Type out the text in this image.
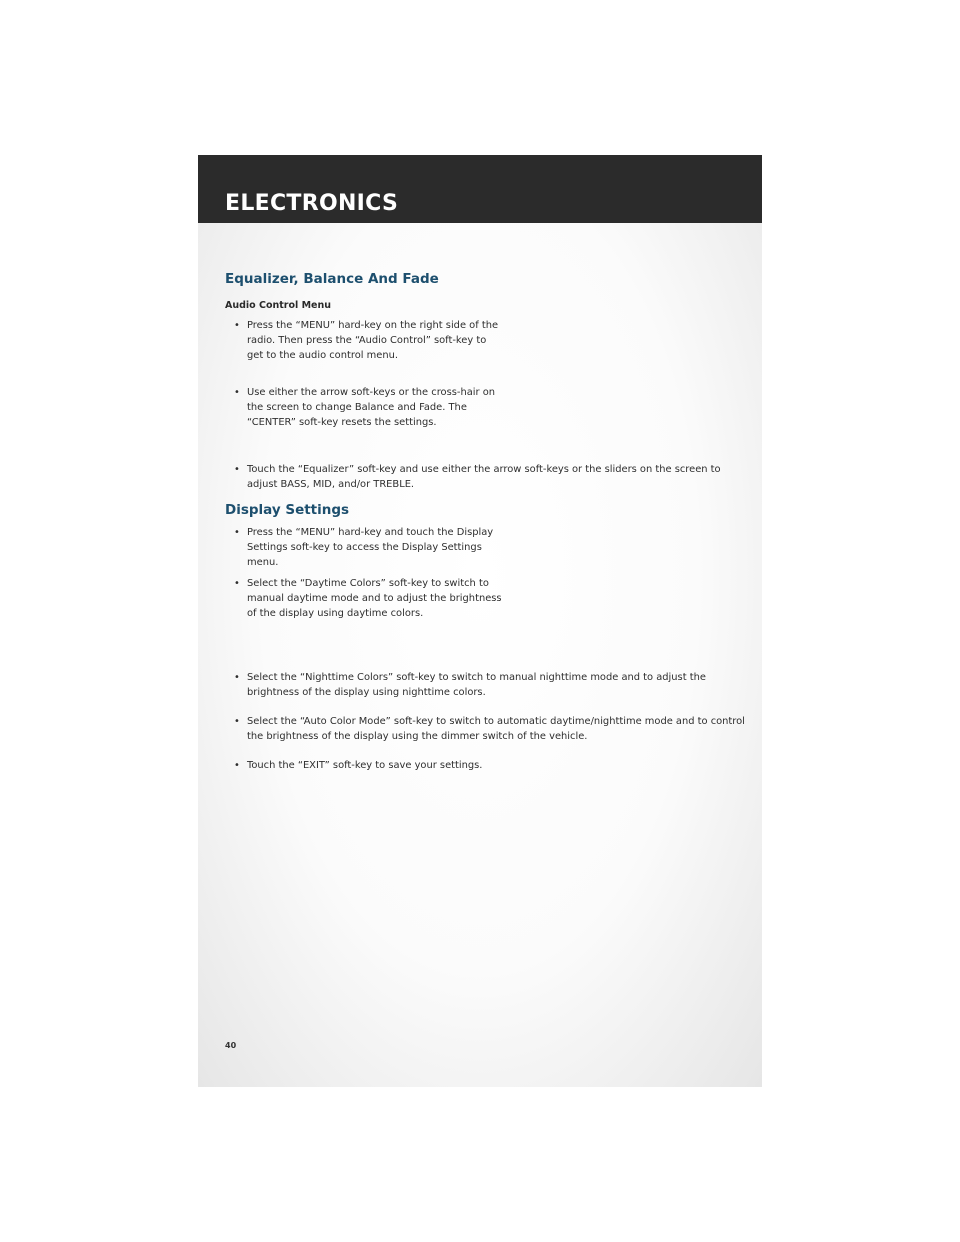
ELECTRONICS
Equalizer, Balance And Fade
Audio Control Menu

• Press the “MENU” hard-key on the right side of the radio. Then press the “Audio Control” soft-key to get to the audio control menu.

• Use either the arrow soft-keys or the cross-hair on the screen to change Balance and Fade. The “CENTER” soft-key resets the settings.

• Touch the “Equalizer” soft-key and use either the arrow soft-keys or the sliders on the screen to adjust BASS, MID, and/or TREBLE.

Display Settings

• Press the “MENU” hard-key and touch the Display Settings soft-key to access the Display Settings menu.

• Select the “Daytime Colors” soft-key to switch to manual daytime mode and to adjust the brightness of the display using daytime colors.

• Select the “Nighttime Colors” soft-key to switch to manual nighttime mode and to adjust the brightness of the display using nighttime colors.

• Select the “Auto Color Mode” soft-key to switch to automatic daytime/nighttime mode and to control the brightness of the display using the dimmer switch of the vehicle.

• Touch the “EXIT” soft-key to save your settings.

40
